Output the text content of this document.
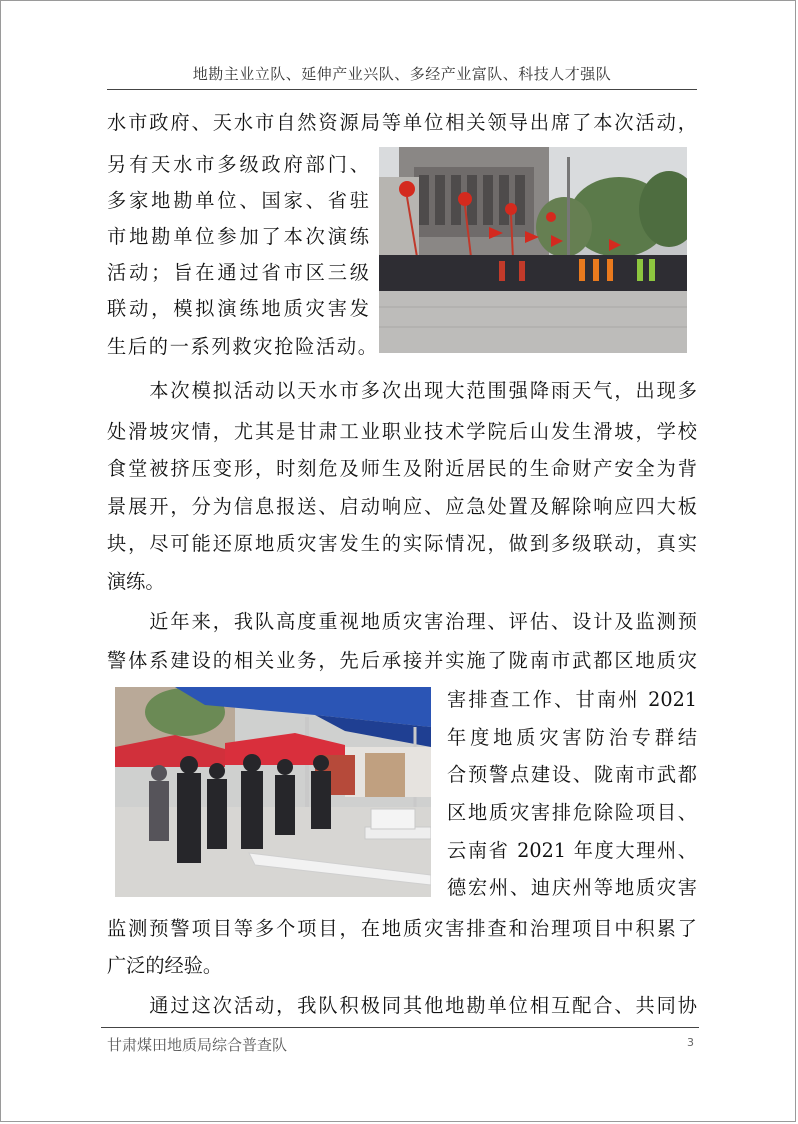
地勘主业立队、延伸产业兴队、多经产业富队、科技人才强队
水市政府、天水市自然资源局等单位相关领导出席了本次活动，
另有天水市多级政府部门、
多家地勘单位、国家、省驻
市地勘单位参加了本次演练
活动；旨在通过省市区三级
联动，模拟演练地质灾害发
生后的一系列救灾抢险活动。
　　本次模拟活动以天水市多次出现大范围强降雨天气，出现多
处滑坡灾情，尤其是甘肃工业职业技术学院后山发生滑坡，学校
食堂被挤压变形，时刻危及师生及附近居民的生命财产安全为背
景展开，分为信息报送、启动响应、应急处置及解除响应四大板
块，尽可能还原地质灾害发生的实际情况，做到多级联动，真实
演练。
　　近年来，我队高度重视地质灾害治理、评估、设计及监测预
警体系建设的相关业务，先后承接并实施了陇南市武都区地质灾
害排查工作、甘南州 2021
年度地质灾害防治专群结
合预警点建设、陇南市武都
区地质灾害排危除险项目、
云南省 2021 年度大理州、
德宏州、迪庆州等地质灾害
监测预警项目等多个项目，在地质灾害排查和治理项目中积累了
广泛的经验。
　　通过这次活动，我队积极同其他地勘单位相互配合、共同协
甘肃煤田地质局综合普查队	3
